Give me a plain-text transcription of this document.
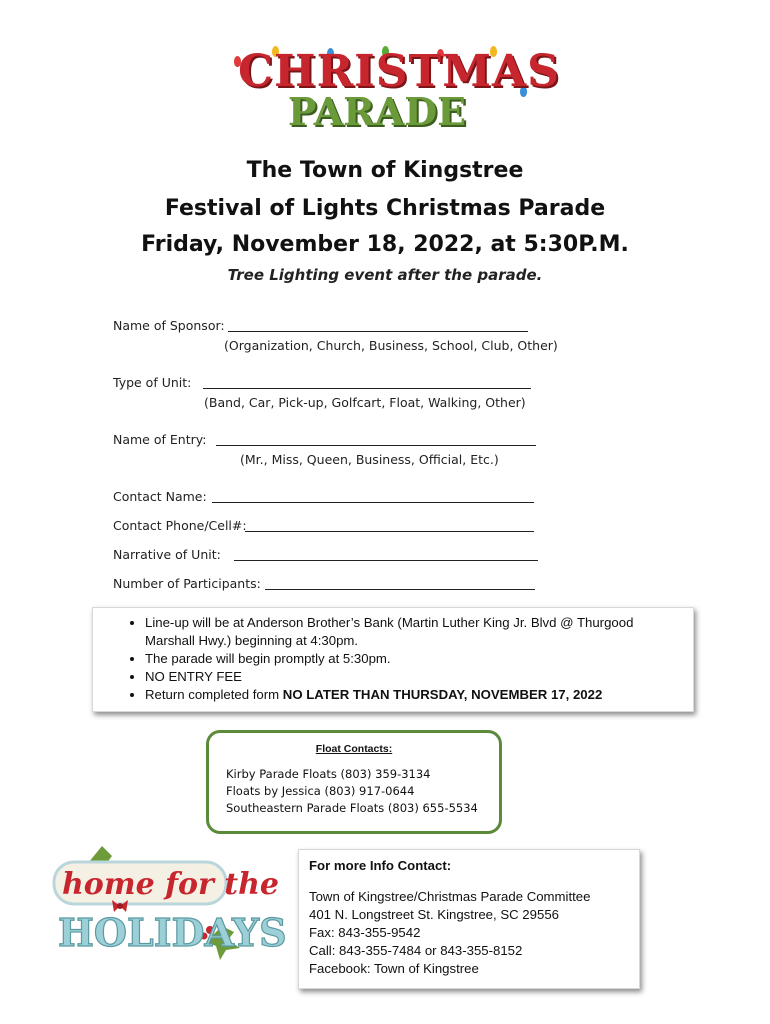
CHRISTMAS
PARADE
The Town of Kingstree
Festival of Lights Christmas Parade
Friday, November 18, 2022, at 5:30P.M.
Tree Lighting event after the parade.
Name of Sponsor:
(Organization, Church, Business, School, Club, Other)
Type of Unit:
(Band, Car, Pick-up, Golfcart, Float, Walking, Other)
Name of Entry:
(Mr., Miss, Queen, Business, Official, Etc.)
Contact Name:
Contact Phone/Cell#:
Narrative of Unit:
Number of Participants:
• Line-up will be at Anderson Brother’s Bank (Martin Luther King Jr. Blvd @ Thurgood Marshall Hwy.) beginning at 4:30pm.
• The parade will begin promptly at 5:30pm.
• NO ENTRY FEE
• Return completed form NO LATER THAN THURSDAY, NOVEMBER 17, 2022
Float Contacts:
Kirby Parade Floats (803) 359-3134
Floats by Jessica (803) 917-0644
Southeastern Parade Floats (803) 655-5534
home for the
HOLIDAYS
For more Info Contact:
Town of Kingstree/Christmas Parade Committee
401 N. Longstreet St. Kingstree, SC 29556
Fax: 843-355-9542
Call: 843-355-7484 or 843-355-8152
Facebook: Town of Kingstree
